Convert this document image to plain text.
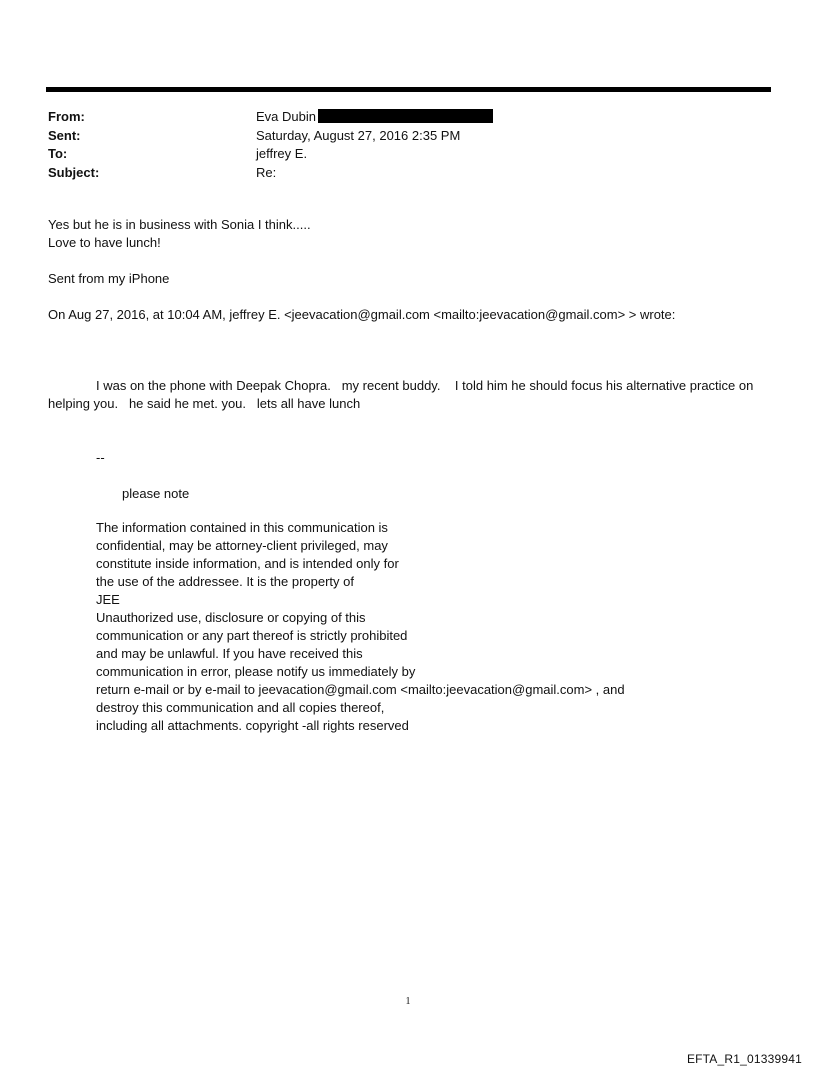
From:	Eva Dubin
Sent:	Saturday, August 27, 2016 2:35 PM
To:	jeffrey E.
Subject:	Re:
Yes but he is in business with Sonia I think.....
Love to have lunch!
Sent from my iPhone
On Aug 27, 2016, at 10:04 AM, jeffrey E. <jeevacation@gmail.com <mailto:jeevacation@gmail.com> > wrote:
I was on the phone with Deepak Chopra.   my recent buddy.    I told him he should focus his alternative practice on helping you.   he said he met. you.   lets all have lunch
--
please note
The information contained in this communication is
confidential, may be attorney-client privileged, may
constitute inside information, and is intended only for
the use of the addressee. It is the property of
JEE
Unauthorized use, disclosure or copying of this
communication or any part thereof is strictly prohibited
and may be unlawful. If you have received this
communication in error, please notify us immediately by
return e-mail or by e-mail to jeevacation@gmail.com <mailto:jeevacation@gmail.com> , and
destroy this communication and all copies thereof,
including all attachments. copyright -all rights reserved
1
EFTA_R1_01339941
